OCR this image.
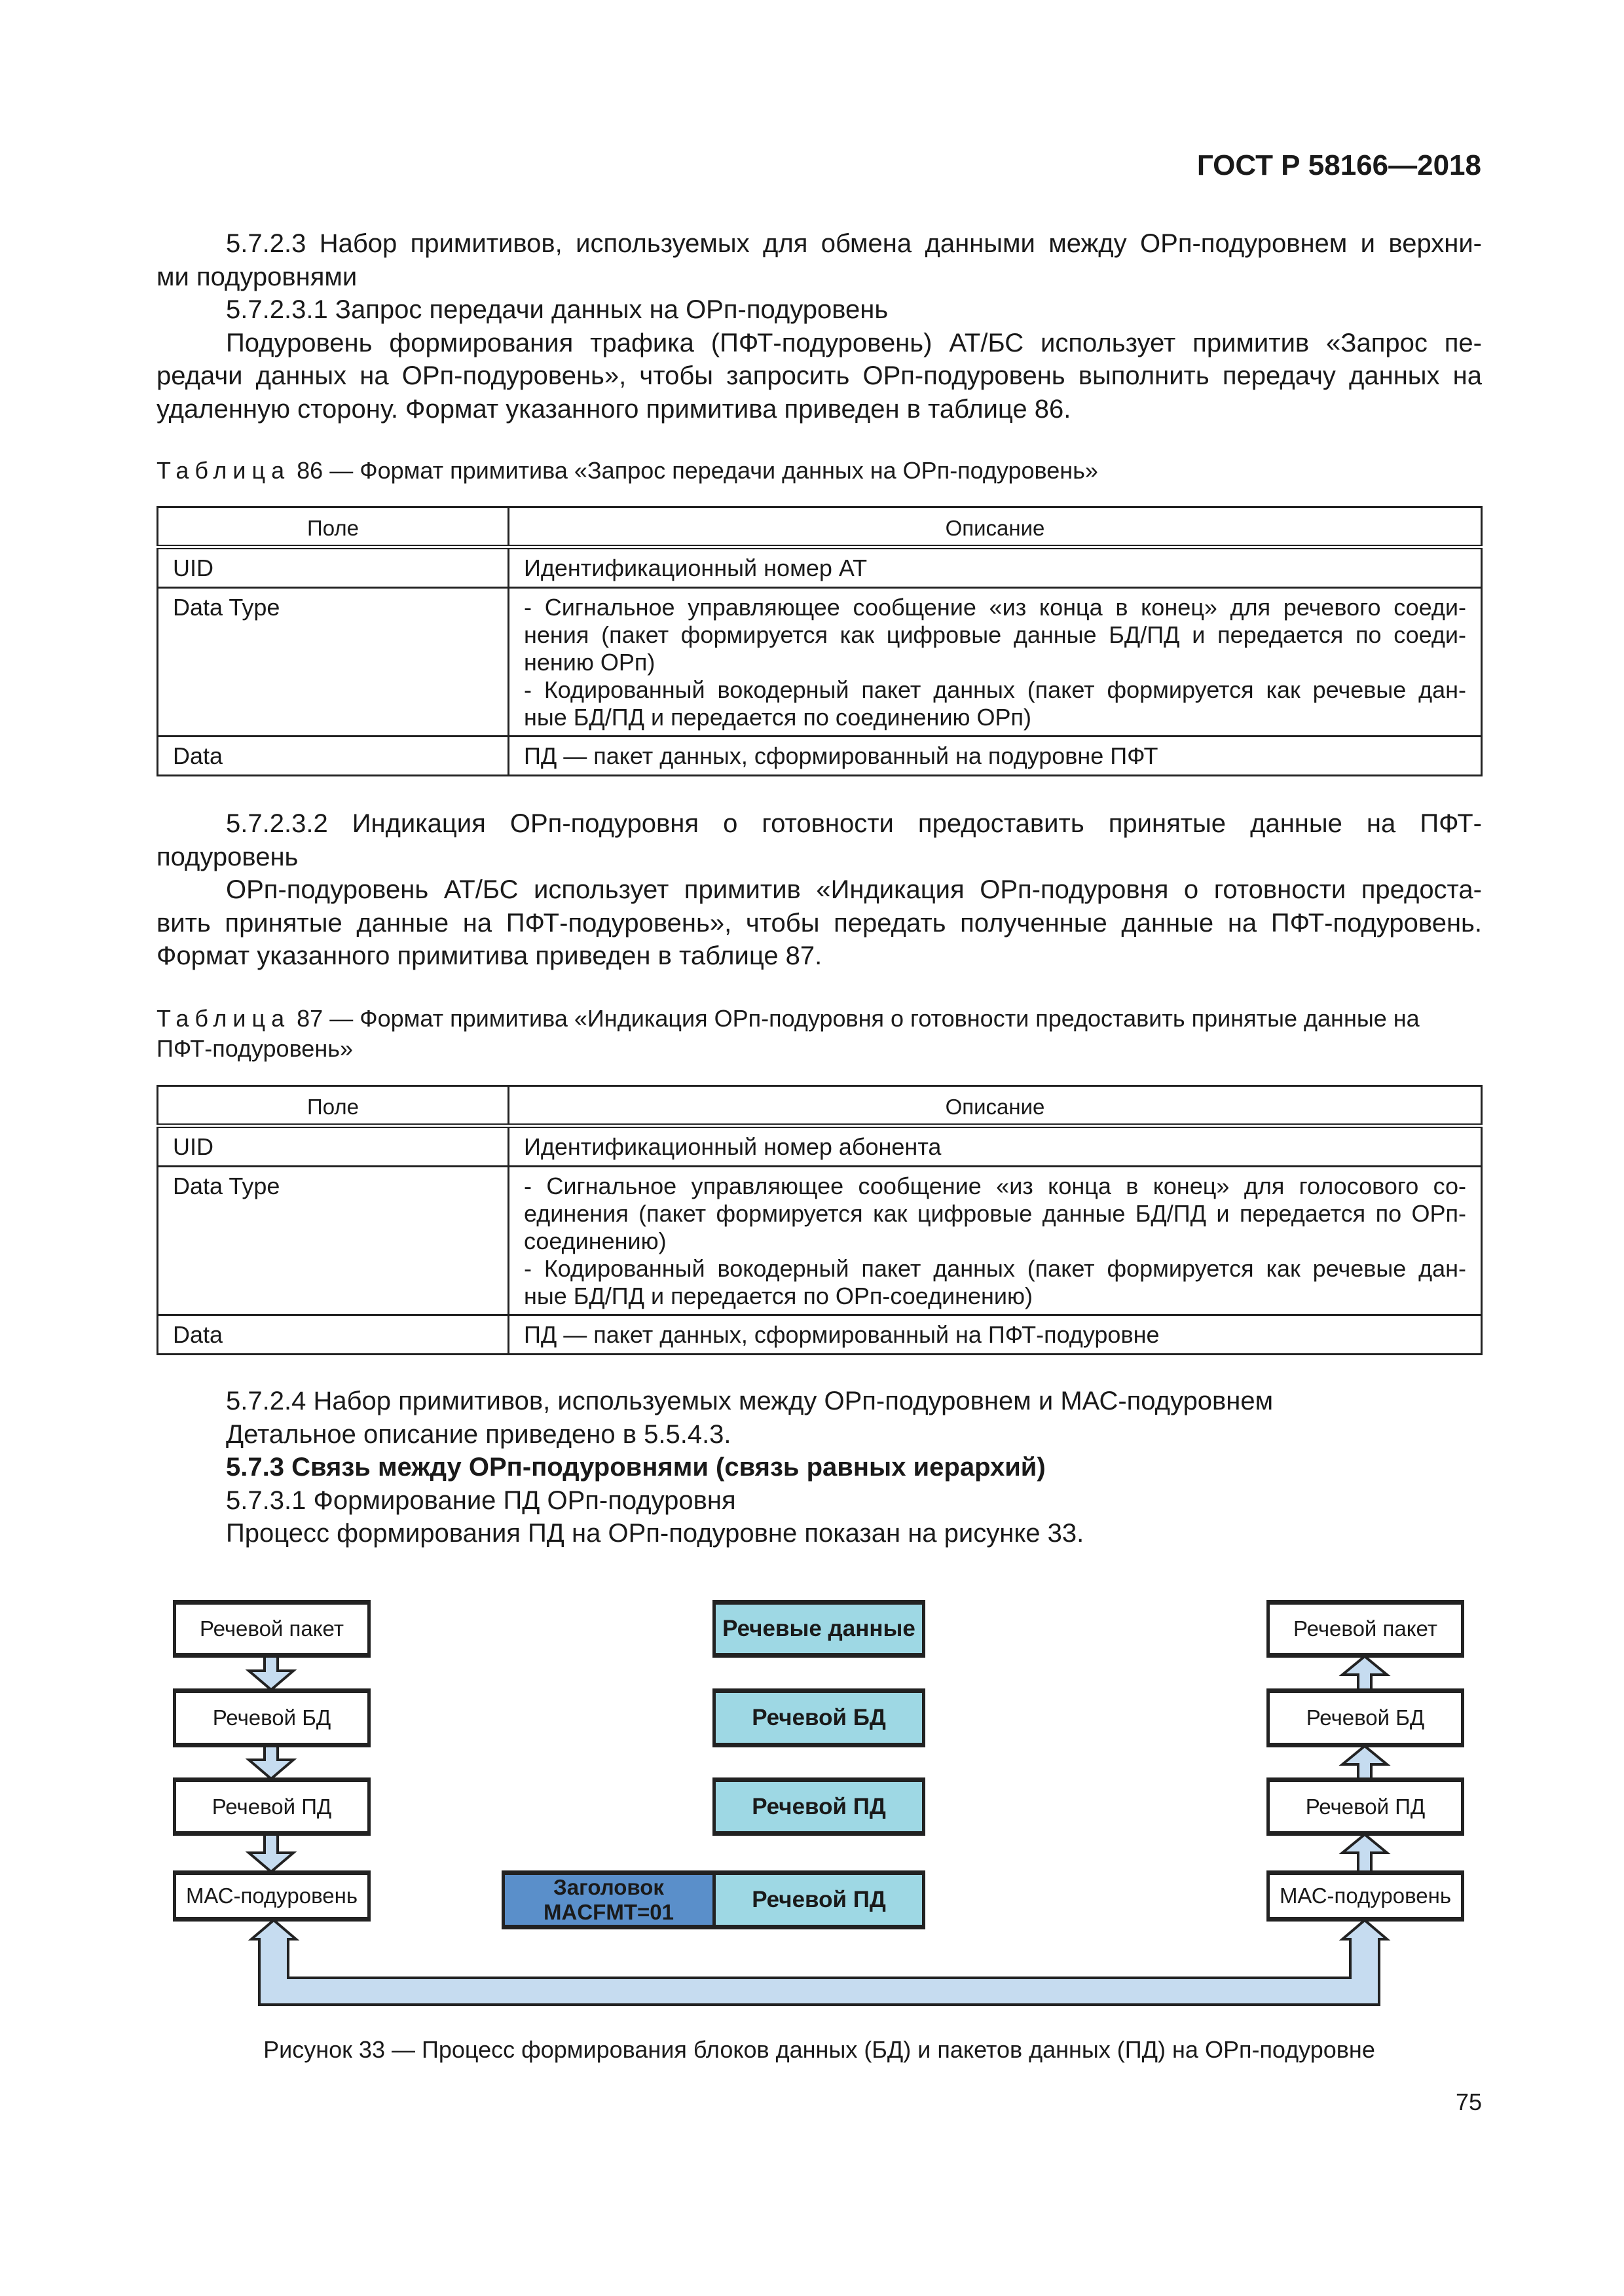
ГОСТ Р 58166—2018
5.7.2.3 Набор примитивов, используемых для обмена данными между ОРп-подуровнем и верхни-
ми подуровнями
5.7.2.3.1 Запрос передачи данных на ОРп-подуровень
Подуровень формирования трафика (ПФТ-подуровень) АТ/БС использует примитив «Запрос пе-
редачи данных на ОРп-подуровень», чтобы запросить ОРп-подуровень выполнить передачу данных на
удаленную сторону. Формат указанного примитива приведен в таблице 86.
Таблица 86 — Формат примитива «Запрос передачи данных на ОРп-подуровень»
Поле	Описание
UID	Идентификационный номер АТ

Data Type	- Сигнальное управляющее сообщение «из конца в конец» для речевого соеди-
нения (пакет формируется как цифровые данные БД/ПД и передается по соеди-
нению ОРп)
- Кодированный вокодерный пакет данных (пакет формируется как речевые дан-
ные БД/ПД и передается по соединению ОРп)

Data	ПД — пакет данных, сформированный на подуровне ПФТ
5.7.2.3.2 Индикация ОРп-подуровня о готовности предоставить принятые данные на ПФТ-
подуровень
ОРп-подуровень АТ/БС использует примитив «Индикация ОРп-подуровня о готовности предоста-
вить принятые данные на ПФТ-подуровень», чтобы передать полученные данные на ПФТ-подуровень.
Формат указанного примитива приведен в таблице 87.
Таблица 87 — Формат примитива «Индикация ОРп-подуровня о готовности предоставить принятые данные на
ПФТ-подуровень»
Поле	Описание
UID	Идентификационный номер абонента

Data Type	- Сигнальное управляющее сообщение «из конца в конец» для голосового со-
единения (пакет формируется как цифровые данные БД/ПД и передается по ОРп-
соединению)
- Кодированный вокодерный пакет данных (пакет формируется как речевые дан-
ные БД/ПД и передается по ОРп-соединению)

Data	ПД — пакет данных, сформированный на ПФТ-подуровне
5.7.2.4 Набор примитивов, используемых между ОРп-подуровнем и МАС-подуровнем
Детальное описание приведено в 5.5.4.3.
5.7.3 Связь между ОРп-подуровнями (связь равных иерархий)
5.7.3.1 Формирование ПД ОРп-подуровня
Процесс формирования ПД на ОРп-подуровне показан на рисунке 33.
Речевой пакет
Речевой БД
Речевой ПД
МАС-подуровень
Речевые данные
Речевой БД
Речевой ПД
Заголовок
MACFMT=01	Речевой ПД
Речевой пакет
Речевой БД
Речевой ПД
МАС-подуровень
Рисунок 33 — Процесс формирования блоков данных (БД) и пакетов данных (ПД) на ОРп-подуровне
75
